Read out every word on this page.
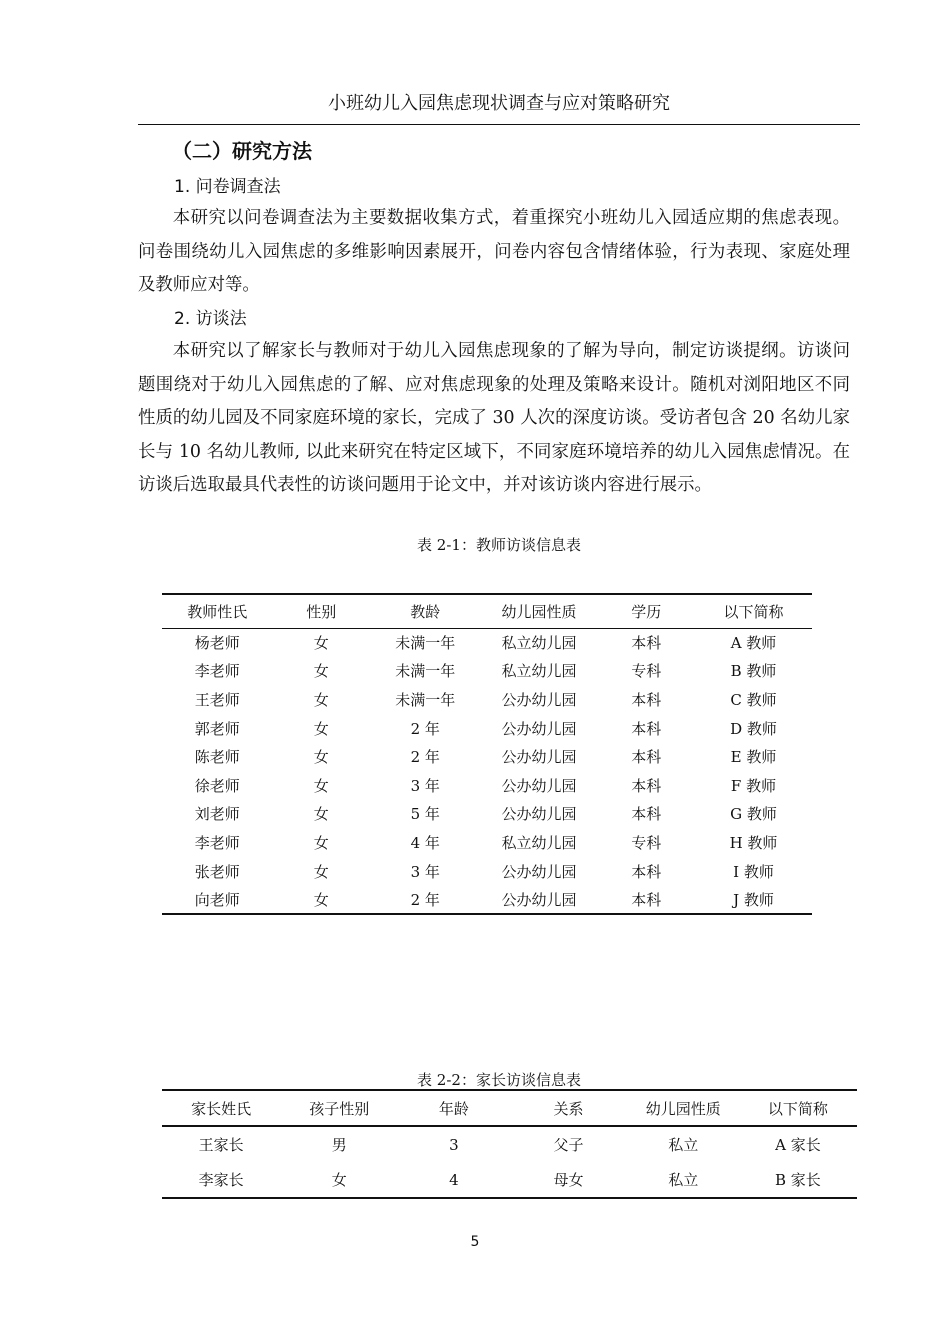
小班幼儿入园焦虑现状调查与应对策略研究
（二）研究方法
1. 问卷调查法
本研究以问卷调查法为主要数据收集方式，着重探究小班幼儿入园适应期的焦虑表现。问卷围绕幼儿入园焦虑的多维影响因素展开，问卷内容包含情绪体验，行为表现、家庭处理及教师应对等。
2. 访谈法
本研究以了解家长与教师对于幼儿入园焦虑现象的了解为导向，制定访谈提纲。访谈问题围绕对于幼儿入园焦虑的了解、应对焦虑现象的处理及策略来设计。随机对浏阳地区不同性质的幼儿园及不同家庭环境的家长，完成了 30 人次的深度访谈。受访者包含 20 名幼儿家长与 10 名幼儿教师, 以此来研究在特定区域下，不同家庭环境培养的幼儿入园焦虑情况。在访谈后选取最具代表性的访谈问题用于论文中，并对该访谈内容进行展示。
表 2-1：教师访谈信息表
教师性氏	性别	教龄	幼儿园性质	学历	以下简称
杨老师	女	未满一年	私立幼儿园	本科	A 教师
李老师	女	未满一年	私立幼儿园	专科	B 教师
王老师	女	未满一年	公办幼儿园	本科	C 教师
郭老师	女	2 年	公办幼儿园	本科	D 教师
陈老师	女	2 年	公办幼儿园	本科	E 教师
徐老师	女	3 年	公办幼儿园	本科	F 教师
刘老师	女	5 年	公办幼儿园	本科	G 教师
李老师	女	4 年	私立幼儿园	专科	H 教师
张老师	女	3 年	公办幼儿园	本科	I 教师
向老师	女	2 年	公办幼儿园	本科	J 教师
表 2-2：家长访谈信息表
家长姓氏	孩子性别	年龄	关系	幼儿园性质	以下简称
王家长	男	3	父子	私立	A 家长
李家长	女	4	母女	私立	B 家长
5
